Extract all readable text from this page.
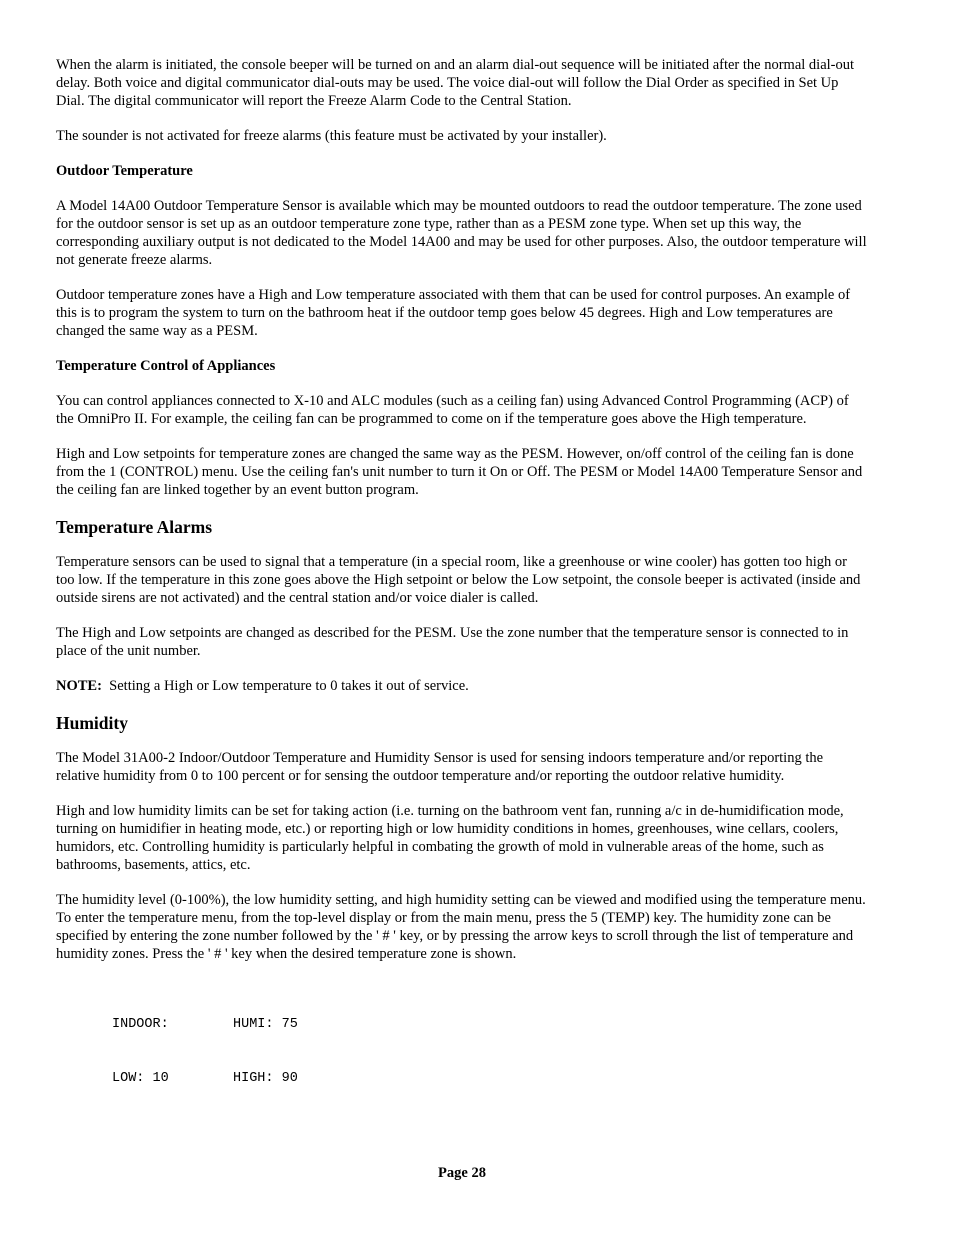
When the alarm is initiated, the console beeper will be turned on and an alarm dial-out sequence will be initiated after the normal dial-out delay. Both voice and digital communicator dial-outs may be used. The voice dial-out will follow the Dial Order as specified in Set Up Dial. The digital communicator will report the Freeze Alarm Code to the Central Station.

The sounder is not activated for freeze alarms (this feature must be activated by your installer).

Outdoor Temperature

A Model 14A00 Outdoor Temperature Sensor is available which may be mounted outdoors to read the outdoor temperature. The zone used for the outdoor sensor is set up as an outdoor temperature zone type, rather than as a PESM zone type. When set up this way, the corresponding auxiliary output is not dedicated to the Model 14A00 and may be used for other purposes. Also, the outdoor temperature will not generate freeze alarms.

Outdoor temperature zones have a High and Low temperature associated with them that can be used for control purposes. An example of this is to program the system to turn on the bathroom heat if the outdoor temp goes below 45 degrees. High and Low temperatures are changed the same way as a PESM.

Temperature Control of Appliances

You can control appliances connected to X-10 and ALC modules (such as a ceiling fan) using Advanced Control Programming (ACP) of the OmniPro II. For example, the ceiling fan can be programmed to come on if the temperature goes above the High temperature.

High and Low setpoints for temperature zones are changed the same way as the PESM. However, on/off control of the ceiling fan is done from the 1 (CONTROL) menu. Use the ceiling fan's unit number to turn it On or Off. The PESM or Model 14A00 Temperature Sensor and the ceiling fan are linked together by an event button program.

Temperature Alarms

Temperature sensors can be used to signal that a temperature (in a special room, like a greenhouse or wine cooler) has gotten too high or too low. If the temperature in this zone goes above the High setpoint or below the Low setpoint, the console beeper is activated (inside and outside sirens are not activated) and the central station and/or voice dialer is called.

The High and Low setpoints are changed as described for the PESM. Use the zone number that the temperature sensor is connected to in place of the unit number.

NOTE:  Setting a High or Low temperature to 0 takes it out of service.

Humidity

The Model 31A00-2 Indoor/Outdoor Temperature and Humidity Sensor is used for sensing indoors temperature and/or reporting the relative humidity from 0 to 100 percent or for sensing the outdoor temperature and/or reporting the outdoor relative humidity.

High and low humidity limits can be set for taking action (i.e. turning on the bathroom vent fan, running a/c in de-humidification mode, turning on humidifier in heating mode, etc.) or reporting high or low humidity conditions in homes, greenhouses, wine cellars, coolers, humidors, etc. Controlling humidity is particularly helpful in combating the growth of mold in vulnerable areas of the home, such as bathrooms, basements, attics, etc.

The humidity level (0-100%), the low humidity setting, and high humidity setting can be viewed and modified using the temperature menu. To enter the temperature menu, from the top-level display or from the main menu, press the 5 (TEMP) key. The humidity zone can be specified by entering the zone number followed by the ' # ' key, or by pressing the arrow keys to scroll through the list of temperature and humidity zones. Press the ' # ' key when the desired temperature zone is shown.

INDOOR:	HUMI: 75

LOW: 10	HIGH: 90

Page 28
